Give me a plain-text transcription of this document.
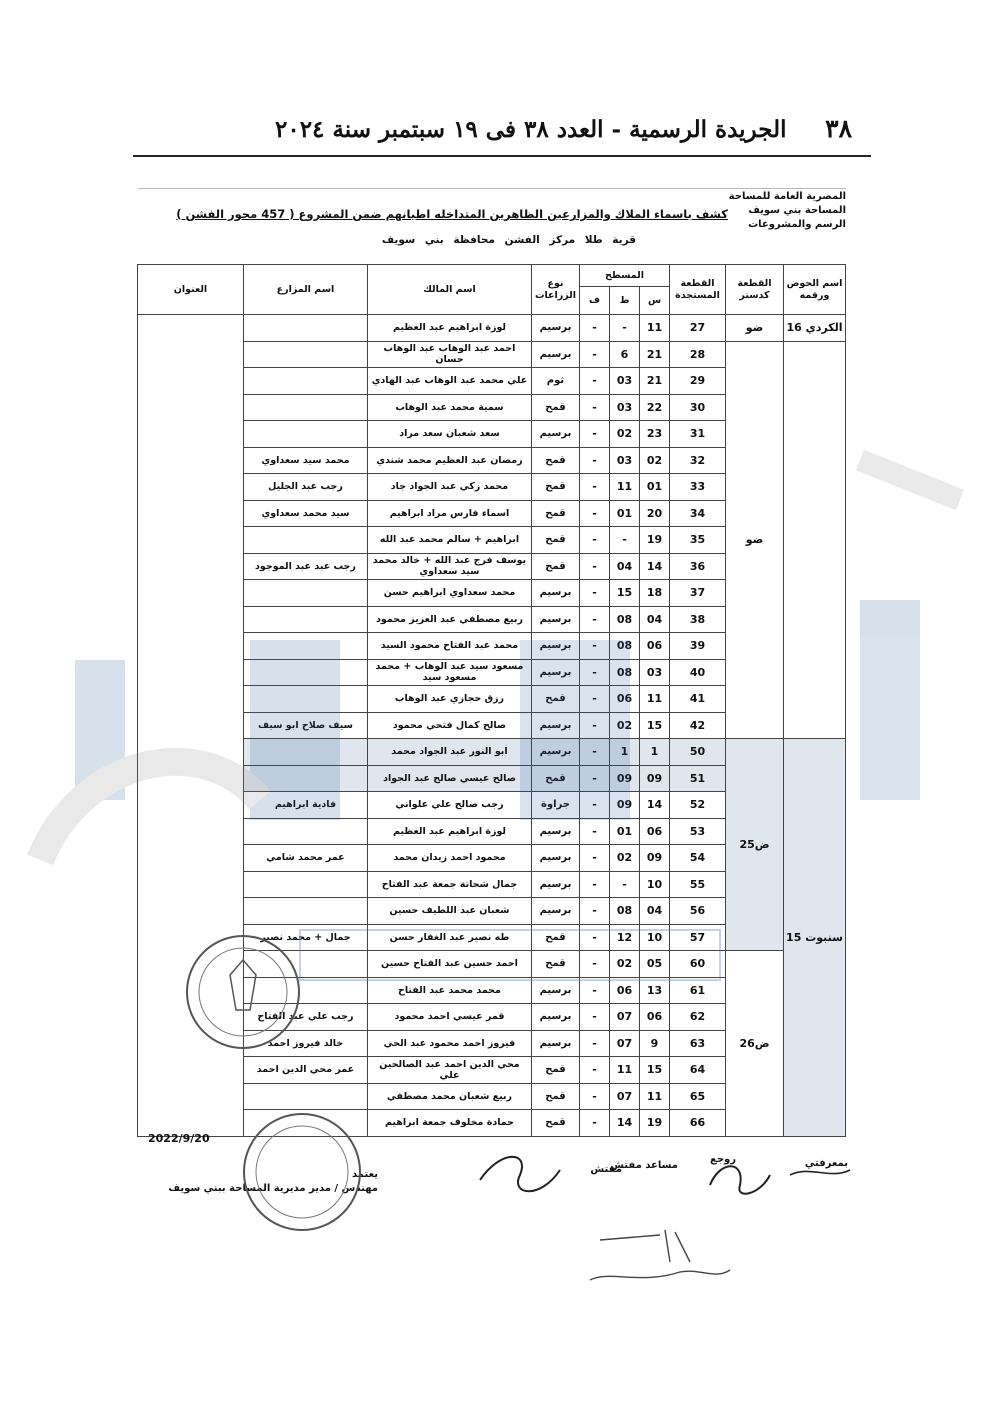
٣٨
الجريدة الرسمية - العدد ٣٨ فى ١٩ سبتمبر سنة ٢٠٢٤
المصرية العامة للمساحة
المساحة بني سويف
الرسم والمشروعات
كشف باسماء الملاك والمزارعين الظاهرين المتداخله اطيانهم ضمن المشروع ( 457 محور الفشن )
قرية طلا مركز الفشن محافظة بني سويف
اسم الحوض ورقمه	القطعة كدستر	القطعة المستجدة	المسطح			نوع الزراعات	اسم المالك	اسم المزارع	العنوان
			س	ط	ف				
الكردي 16	ضو	27	11	-	-	برسيم	لوزة ابراهيم عبد العظيم		
	ضو	28	21	6	-	برسيم	احمد عبد الوهاب عبد الوهاب حسان		
		29	21	03	-	ثوم	علي محمد عبد الوهاب عبد الهادي		
		30	22	03	-	قمح	سمية محمد عبد الوهاب		
		31	23	02	-	برسيم	سعد شعبان سعد مراد		
		32	02	03	-	قمح	رمضان عبد العظيم محمد شندي	محمد سيد سعداوي	
		33	01	11	-	قمح	محمد زكي عبد الجواد جاد	رجب عبد الجليل	
		34	20	01	-	قمح	اسماء فارس مراد ابراهيم	سيد محمد سعداوي	
		35	19	-	-	قمح	ابراهيم + سالم محمد عبد الله		
		36	14	04	-	قمح	يوسف فرج عبد الله + خالد محمد سيد سعداوي	رجب عبد عبد الموجود	
		37	18	15	-	برسيم	محمد سعداوي ابراهيم حسن		
		38	04	08	-	برسيم	ربيع مصطفي عبد العزيز محمود		
		39	06	08	-	برسيم	محمد عبد الفتاح محمود السيد		
		40	03	08	-	برسيم	مسعود سيد عبد الوهاب + محمد مسعود سيد		
		41	11	06	-	قمح	رزق حجازي عبد الوهاب		
		42	15	02	-	برسيم	صالح كمال فتحي محمود	سيف صلاح ابو سيف	
سنبوت 15	ض25	50	1	1	-	برسيم	ابو النور عبد الجواد محمد		
		51	09	09	-	قمح	صالح عيسي صالح عبد الجواد		
		52	14	09	-	جراوة	رجب صالح علي علواني	فادية ابراهيم	
		53	06	01	-	برسيم	لوزة ابراهيم عبد العظيم		
		54	09	02	-	برسيم	محمود احمد زيدان محمد	عمر محمد شامي	
		55	10	-	-	برسيم	جمال شحاتة جمعة عبد الفتاح		
		56	04	08	-	برسيم	شعبان عبد اللطيف حسين		
		57	10	12	-	قمح	طه نصير عبد الغفار حسن	جمال + محمد نصير	
	ض26	60	05	02	-	قمح	احمد حسين عبد الفتاح حسين		
		61	13	06	-	برسيم	محمد محمد عبد الفتاح		
		62	06	07	-	برسيم	قمر عيسي احمد محمود	رجب علي عبد الفتاح	
		63	9	07	-	برسيم	فيروز احمد محمود عبد الحي	خالد فيروز احمد	
		64	15	11	-	قمح	محي الدين احمد عبد الصالحين علي	عمر محي الدين احمد	
		65	11	07	-	قمح	ربيع شعبان محمد مصطفي		
		66	19	14	-	قمح	حمادة مخلوف جمعة ابراهيم		
2022/9/20
بمعرفتي
روجع
مساعد مفتش
مفتش
يعتمد
مهندس / مدير مديرية المساحة ببني سويف
